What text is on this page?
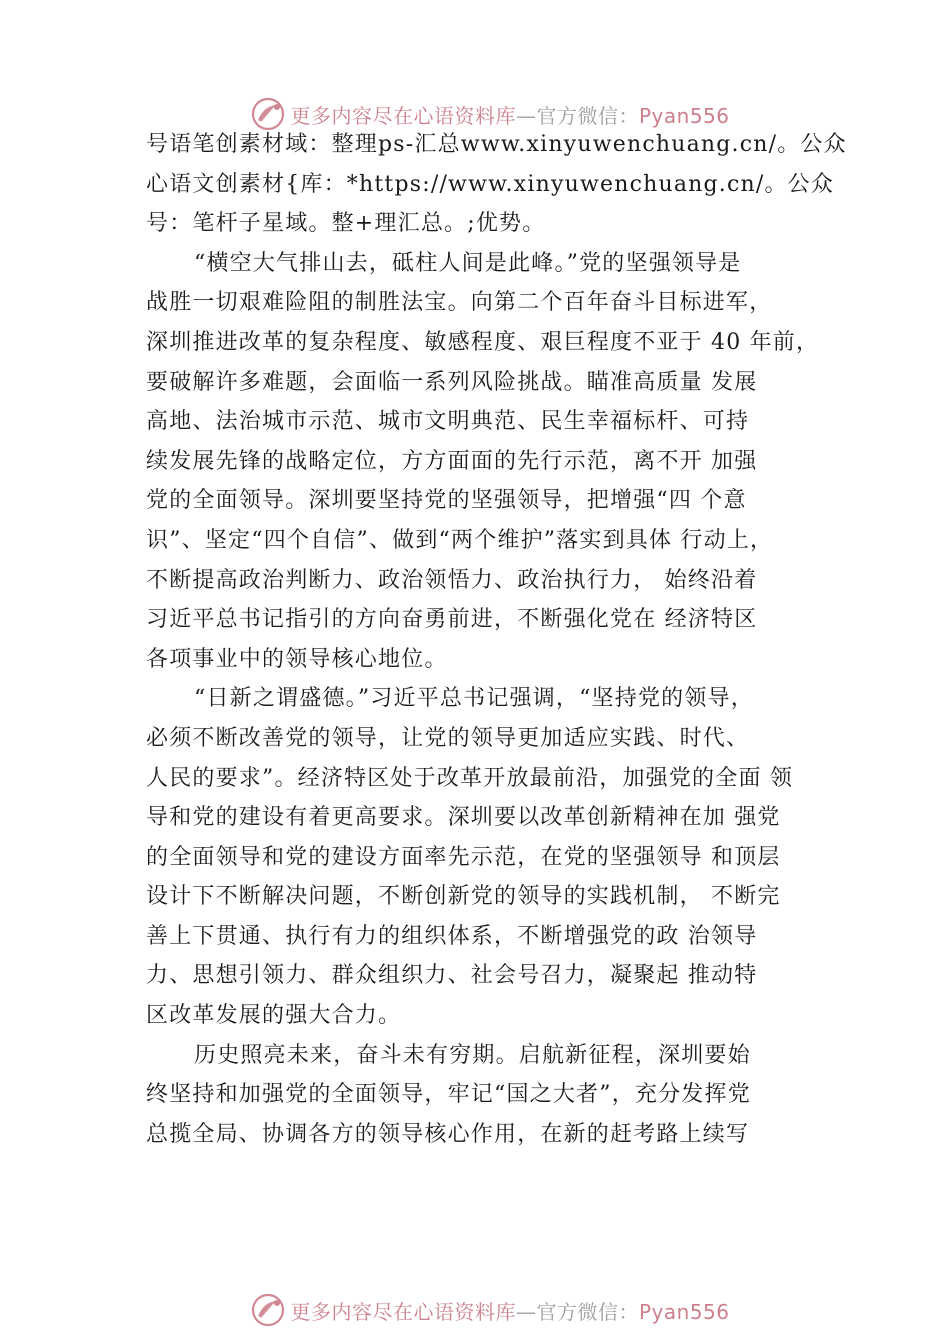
更多内容尽在心语资料库—官方微信：Pyan556
号语笔创素材域：整理ps-汇总www.xinyuwenchuang.cn/。公众
心语文创素材{库：*https://www.xinyuwenchuang.cn/。公众
号：笔杆子星域。整+理汇总。;优势。
“横空大气排山去，砥柱人间是此峰。”党的坚强领导是
战胜一切艰难险阻的制胜法宝。向第二个百年奋斗目标进军，
深圳推进改革的复杂程度、敏感程度、艰巨程度不亚于 40 年前，
要破解许多难题，会面临一系列风险挑战。瞄准高质量 发展
高地、法治城市示范、城市文明典范、民生幸福标杆、可持
续发展先锋的战略定位，方方面面的先行示范，离不开 加强
党的全面领导。深圳要坚持党的坚强领导，把增强“四 个意
识”、坚定“四个自信”、做到“两个维护”落实到具体 行动上，
不断提高政治判断力、政治领悟力、政治执行力， 始终沿着
习近平总书记指引的方向奋勇前进，不断强化党在 经济特区
各项事业中的领导核心地位。
“日新之谓盛德。”习近平总书记强调，“坚持党的领导，
必须不断改善党的领导，让党的领导更加适应实践、时代、
人民的要求”。经济特区处于改革开放最前沿，加强党的全面 领
导和党的建设有着更高要求。深圳要以改革创新精神在加 强党
的全面领导和党的建设方面率先示范，在党的坚强领导 和顶层
设计下不断解决问题，不断创新党的领导的实践机制， 不断完
善上下贯通、执行有力的组织体系，不断增强党的政 治领导
力、思想引领力、群众组织力、社会号召力，凝聚起 推动特
区改革发展的强大合力。
历史照亮未来，奋斗未有穷期。启航新征程，深圳要始
终坚持和加强党的全面领导，牢记“国之大者”，充分发挥党
总揽全局、协调各方的领导核心作用，在新的赶考路上续写
更多内容尽在心语资料库—官方微信：Pyan556
